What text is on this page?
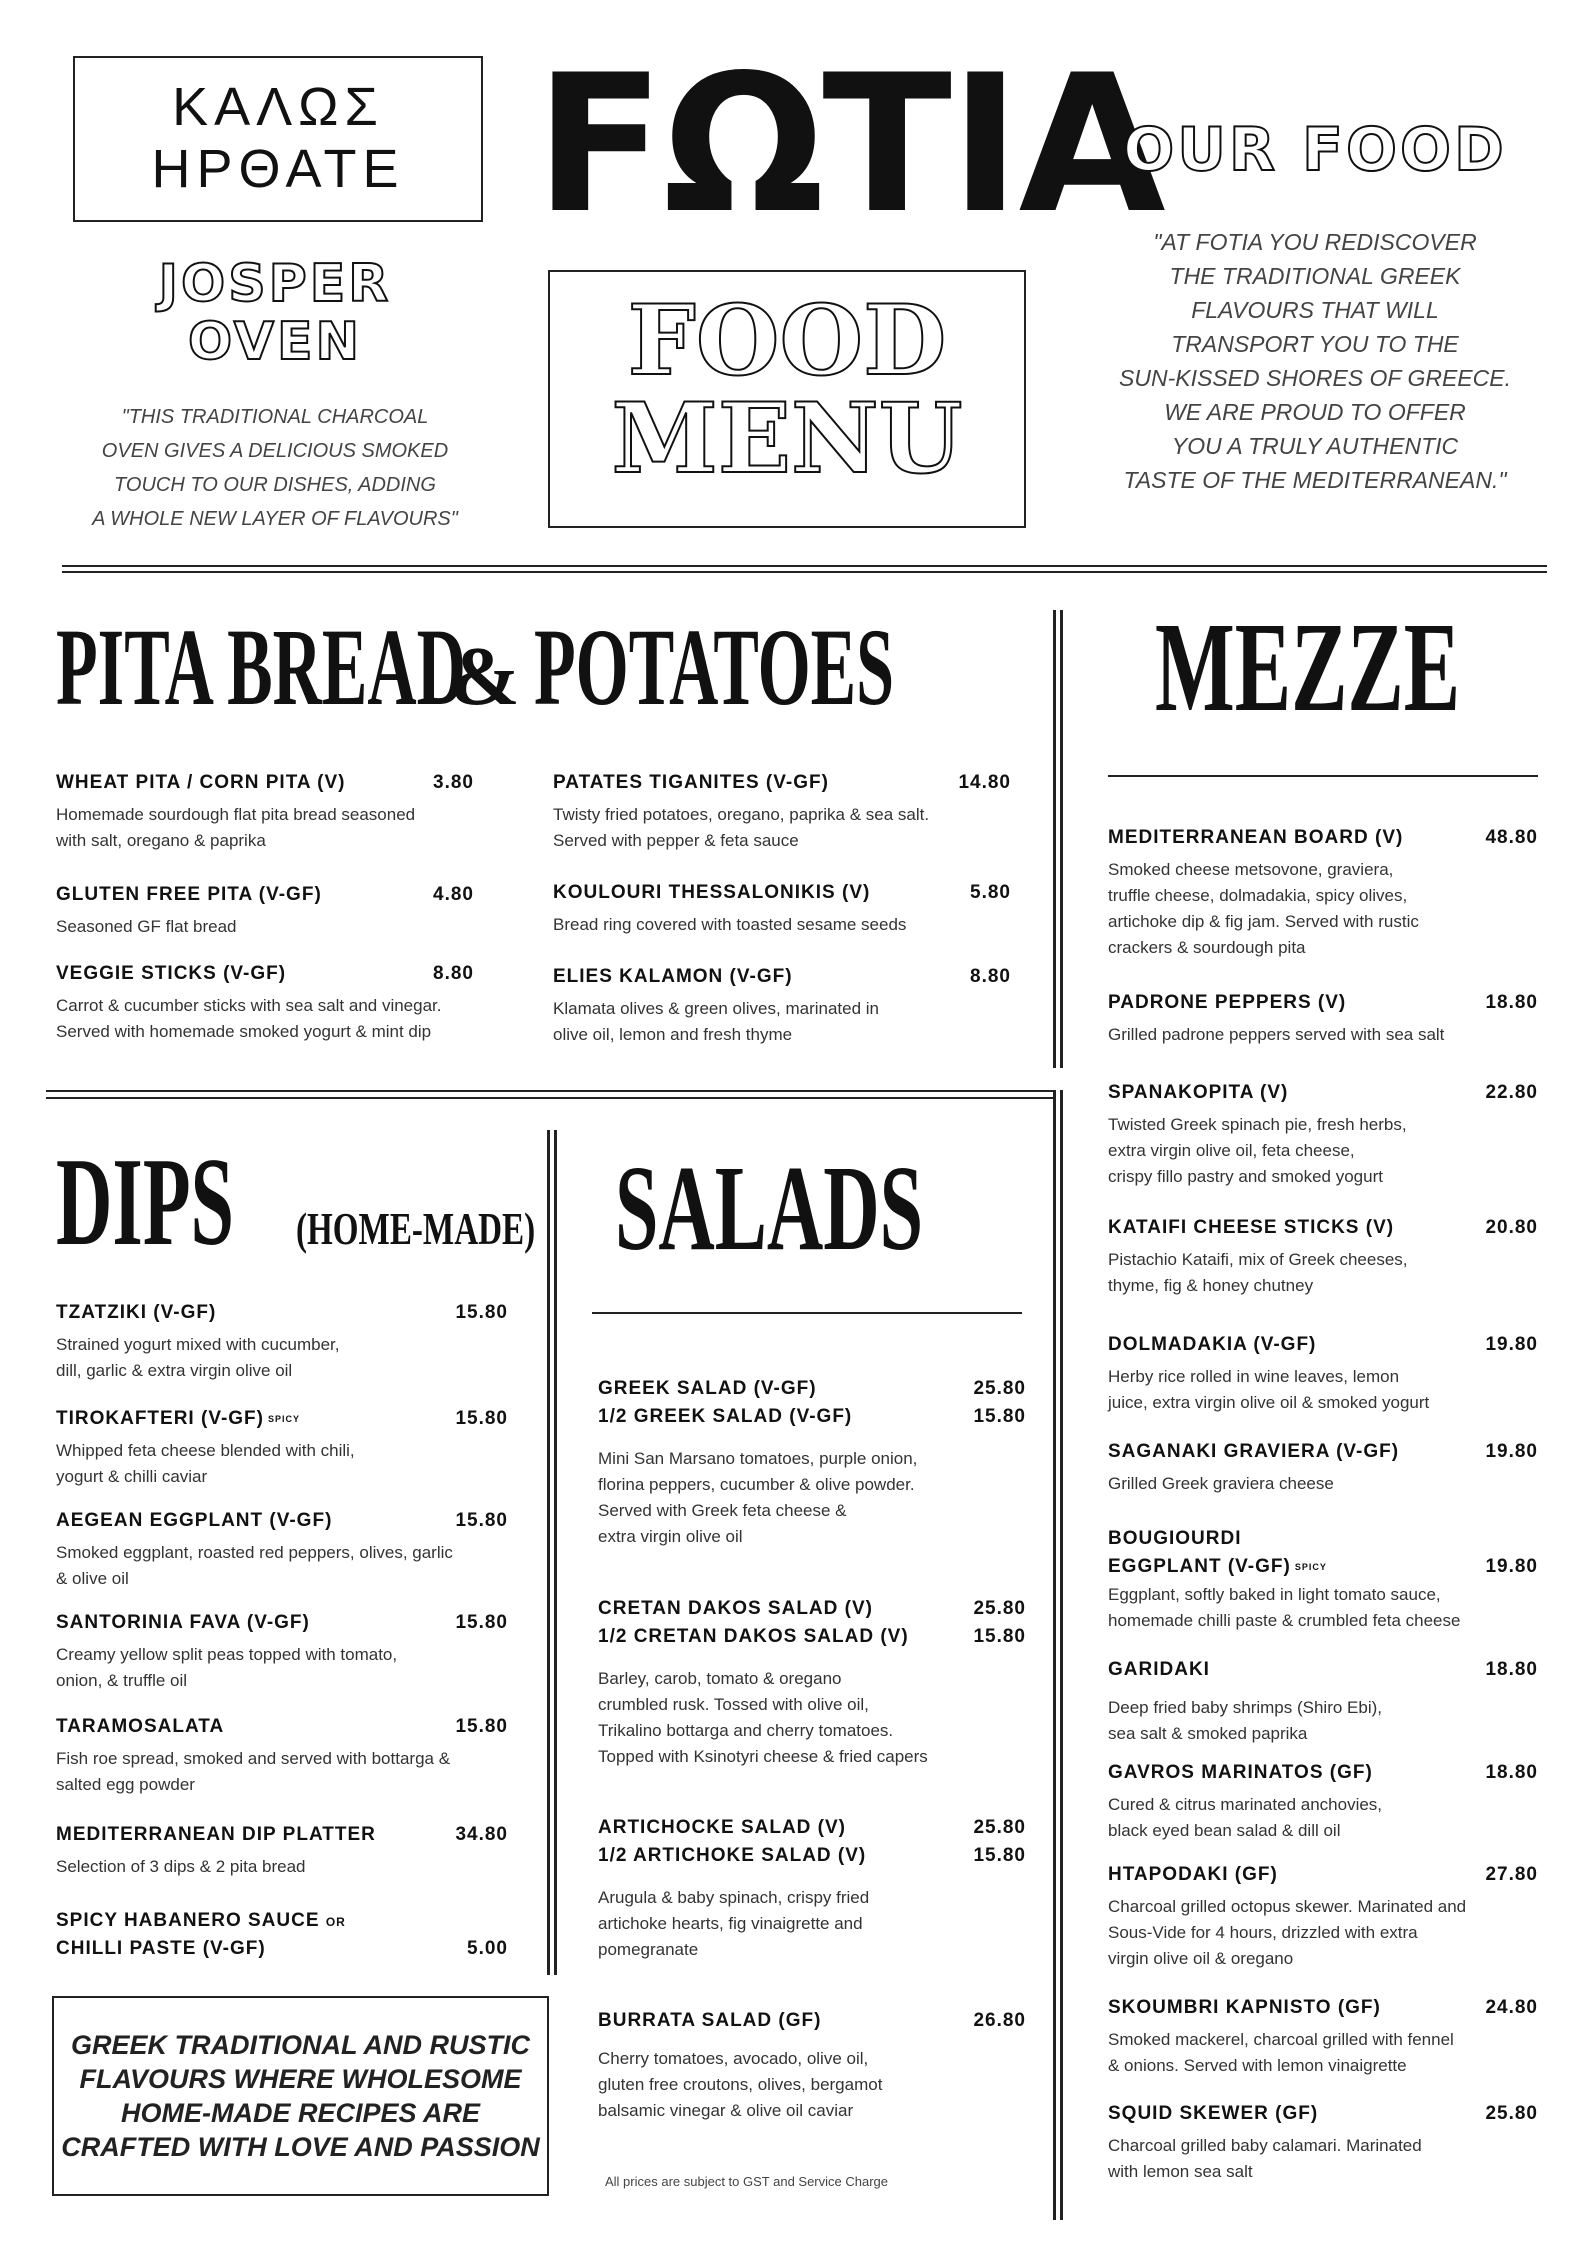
ΚΑΛΩΣ
ΗΡΘΑΤΕ FΩTIA
OUR FOOD
JOSPER
OVEN
"THIS TRADITIONAL CHARCOAL
OVEN GIVES A DELICIOUS SMOKED
TOUCH TO OUR DISHES, ADDING
A WHOLE NEW LAYER OF FLAVOURS"
FOOD
MENU
"AT FOTIA YOU REDISCOVER
THE TRADITIONAL GREEK
FLAVOURS THAT WILL
TRANSPORT YOU TO THE
SUN-KISSED SHORES OF GREECE.
WE ARE PROUD TO OFFER
YOU A TRULY AUTHENTIC
TASTE OF THE MEDITERRANEAN."
PITA BREAD& POTATOES
WHEAT PITA / CORN PITA (V)	3.80
Homemade sourdough flat pita bread seasoned
with salt, oregano & paprika
GLUTEN FREE PITA (V-GF)	4.80
Seasoned GF flat bread
VEGGIE STICKS (V-GF)	8.80
Carrot & cucumber sticks with sea salt and vinegar.
Served with homemade smoked yogurt & mint dip
PATATES TIGANITES (V-GF)	14.80
Twisty fried potatoes, oregano, paprika & sea salt.
Served with pepper & feta sauce
KOULOURI THESSALONIKIS (V)	5.80
Bread ring covered with toasted sesame seeds
ELIES KALAMON (V-GF)	8.80
Klamata olives & green olives, marinated in
olive oil, lemon and fresh thyme
DIPS (HOME-MADE)
TZATZIKI (V-GF)	15.80
Strained yogurt mixed with cucumber,
dill, garlic & extra virgin olive oil
TIROKAFTERI (V-GF) SPICY	15.80
Whipped feta cheese blended with chili,
yogurt & chilli caviar
AEGEAN EGGPLANT (V-GF)	15.80
Smoked eggplant, roasted red peppers, olives, garlic
& olive oil
SANTORINIA FAVA (V-GF)	15.80
Creamy yellow split peas topped with tomato,
onion, & truffle oil
TARAMOSALATA	15.80
Fish roe spread, smoked and served with bottarga &
salted egg powder
MEDITERRANEAN DIP PLATTER	34.80
Selection of 3 dips & 2 pita bread
SPICY HABANERO SAUCE OR
CHILLI PASTE (V-GF)	5.00
GREEK TRADITIONAL AND RUSTIC
FLAVOURS WHERE WHOLESOME
HOME-MADE RECIPES ARE
CRAFTED WITH LOVE AND PASSION
SALADS
GREEK SALAD (V-GF)	25.80
1/2 GREEK SALAD (V-GF)	15.80
Mini San Marsano tomatoes, purple onion,
florina peppers, cucumber & olive powder.
Served with Greek feta cheese &
extra virgin olive oil
CRETAN DAKOS SALAD (V)	25.80
1/2 CRETAN DAKOS SALAD (V)	15.80
Barley, carob, tomato & oregano
crumbled rusk. Tossed with olive oil,
Trikalino bottarga and cherry tomatoes.
Topped with Ksinotyri cheese & fried capers
ARTICHOCKE SALAD (V)	25.80
1/2 ARTICHOKE SALAD (V)	15.80
Arugula & baby spinach, crispy fried
artichoke hearts, fig vinaigrette and
pomegranate
BURRATA SALAD (GF)	26.80
Cherry tomatoes, avocado, olive oil,
gluten free croutons, olives, bergamot
balsamic vinegar & olive oil caviar
All prices are subject to GST and Service Charge
MEZZE
MEDITERRANEAN BOARD (V)	48.80
Smoked cheese metsovone, graviera,
truffle cheese, dolmadakia, spicy olives,
artichoke dip & fig jam. Served with rustic
crackers & sourdough pita
PADRONE PEPPERS (V)	18.80
Grilled padrone peppers served with sea salt
SPANAKOPITA (V)	22.80
Twisted Greek spinach pie, fresh herbs,
extra virgin olive oil, feta cheese,
crispy fillo pastry and smoked yogurt
KATAIFI CHEESE STICKS (V)	20.80
Pistachio Kataifi, mix of Greek cheeses,
thyme, fig & honey chutney
DOLMADAKIA (V-GF)	19.80
Herby rice rolled in wine leaves, lemon
juice, extra virgin olive oil & smoked yogurt
SAGANAKI GRAVIERA (V-GF)	19.80
Grilled Greek graviera cheese
BOUGIOURDI
EGGPLANT (V-GF) SPICY	19.80
Eggplant, softly baked in light tomato sauce,
homemade chilli paste & crumbled feta cheese
GARIDAKI	18.80
Deep fried baby shrimps (Shiro Ebi),
sea salt & smoked paprika
GAVROS MARINATOS (GF)	18.80
Cured & citrus marinated anchovies,
black eyed bean salad & dill oil
HTAPODAKI (GF)	27.80
Charcoal grilled octopus skewer. Marinated and
Sous-Vide for 4 hours, drizzled with extra
virgin olive oil & oregano
SKOUMBRI KAPNISTO (GF)	24.80
Smoked mackerel, charcoal grilled with fennel
& onions. Served with lemon vinaigrette
SQUID SKEWER (GF)	25.80
Charcoal grilled baby calamari. Marinated
with lemon sea salt
